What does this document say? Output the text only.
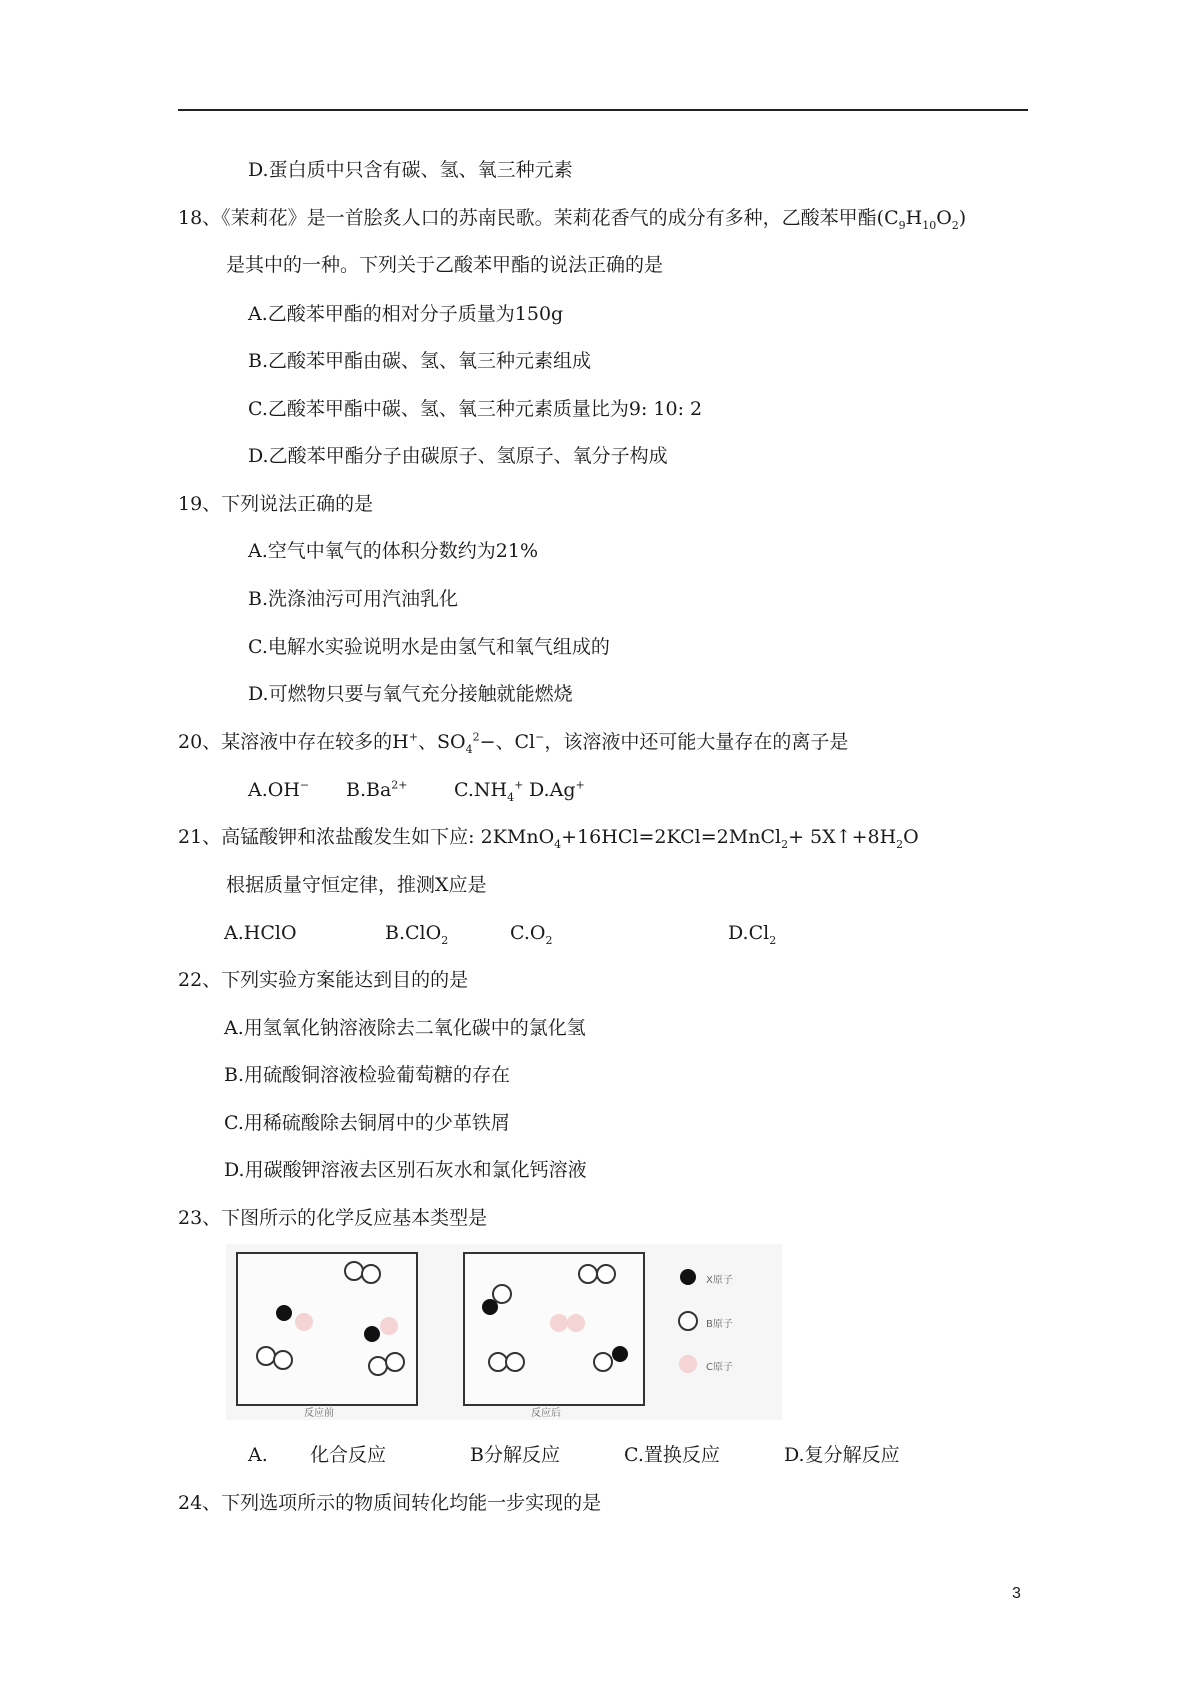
D.蛋白质中只含有碳、氢、氧三种元素
18、《茉莉花》是一首脍炙人口的苏南民歌。茉莉花香气的成分有多种，乙酸苯甲酯$(C_9H_{10}O_2)$
是其中的一种。下列关于乙酸苯甲酯的说法正确的是
A.乙酸苯甲酯的相对分子质量为150g
B.乙酸苯甲酯由碳、氢、氧三种元素组成
C.乙酸苯甲酯中碳、氢、氧三种元素质量比为9: 10: 2
D.乙酸苯甲酯分子由碳原子、氢原子、氧分子构成
19、下列说法正确的是
A.空气中氧气的体积分数约为21%
B.洗涤油污可用汽油乳化
C.电解水实验说明水是由氢气和氧气组成的
D.可燃物只要与氧气充分接触就能燃烧
20、某溶液中存在较多的H+、$SO_4^2-$、Cl−，该溶液中还可能大量存在的离子是
A.OH− $B.Ba^{2+}$ $C.NH_4^+$ D.Ag+
21、高锰酸钾和浓盐酸发生如下应: 2KMnO$_4$+16HCl=2KCl=2MnCl$_2$+ $5X↑+8H_2O$
根据质量守恒定律，推测X应是
A.HClO	B.ClO$_2$	$C.O_2$	$D.Cl_2$
22、下列实验方案能达到目的的是
A.用氢氧化钠溶液除去二氧化碳中的氯化氢
B.用硫酸铜溶液检验葡萄糖的存在
C.用稀硫酸除去铜屑中的少革铁屑
D.用碳酸钾溶液去区别石灰水和氯化钙溶液
23、下图所示的化学反应基本类型是
X原子
B原子
C原子
反应前	反应后
A. 化合反应	B分解反应	C.置换反应	D.复分解反应
24、下列选项所示的物质间转化均能一步实现的是
3
